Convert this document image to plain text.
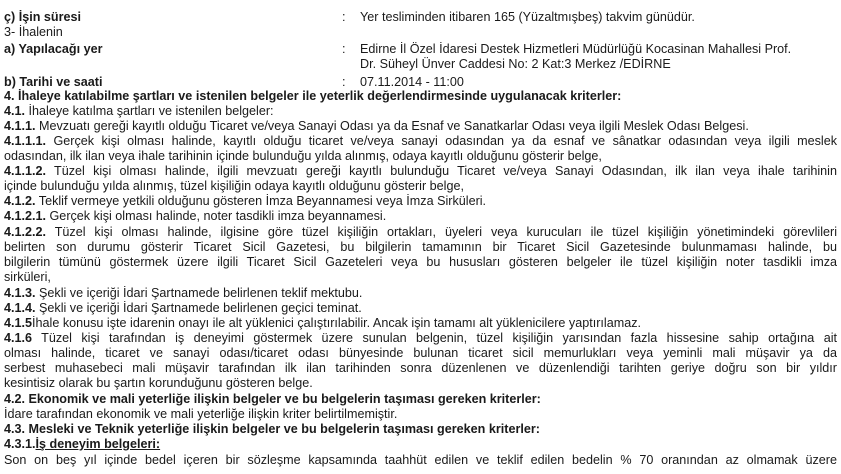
ç) İşin süresi	: Yer tesliminden itibaren 165 (Yüzaltmışbeş) takvim günüdür.
3- İhalenin
a) Yapılacağı yer	: Edirne İl Özel İdaresi Destek Hizmetleri Müdürlüğü Kocasinan Mahallesi Prof.
Dr. Süheyl Ünver Caddesi No: 2 Kat:3 Merkez /EDİRNE
b) Tarihi ve saati	: 07.11.2014 - 11:00
4. İhaleye katılabilme şartları ve istenilen belgeler ile yeterlik değerlendirmesinde uygulanacak kriterler:
4.1. İhaleye katılma şartları ve istenilen belgeler:
4.1.1. Mevzuatı gereği kayıtlı olduğu Ticaret ve/veya Sanayi Odası ya da Esnaf ve Sanatkarlar Odası veya ilgili Meslek Odası Belgesi.
4.1.1.1. Gerçek kişi olması halinde, kayıtlı olduğu ticaret ve/veya sanayi odasından ya da esnaf ve sânatkar odasından veya ilgili meslek
odasından, ilk ilan veya ihale tarihinin içinde bulunduğu yılda alınmış, odaya kayıtlı olduğunu gösterir belge,
4.1.1.2. Tüzel kişi olması halinde, ilgili mevzuatı gereği kayıtlı bulunduğu Ticaret ve/veya Sanayi Odasından, ilk ilan veya ihale tarihinin
içinde bulunduğu yılda alınmış, tüzel kişiliğin odaya kayıtlı olduğunu gösterir belge,
4.1.2. Teklif vermeye yetkili olduğunu gösteren İmza Beyannamesi veya İmza Sirküleri.
4.1.2.1. Gerçek kişi olması halinde, noter tasdikli imza beyannamesi.
4.1.2.2. Tüzel kişi olması halinde, ilgisine göre tüzel kişiliğin ortakları, üyeleri veya kurucuları ile tüzel kişiliğin yönetimindeki görevlileri
belirten son durumu gösterir Ticaret Sicil Gazetesi, bu bilgilerin tamamının bir Ticaret Sicil Gazetesinde bulunmaması halinde, bu
bilgilerin tümünü göstermek üzere ilgili Ticaret Sicil Gazeteleri veya bu hususları gösteren belgeler ile tüzel kişiliğin noter tasdikli imza
sirküleri,
4.1.3. Şekli ve içeriği İdari Şartnamede belirlenen teklif mektubu.
4.1.4. Şekli ve içeriği İdari Şartnamede belirlenen geçici teminat.
4.1.5İhale konusu işte idarenin onayı ile alt yüklenici çalıştırılabilir. Ancak işin tamamı alt yüklenicilere yaptırılamaz.
4.1.6 Tüzel kişi tarafından iş deneyimi göstermek üzere sunulan belgenin, tüzel kişiliğin yarısından fazla hissesine sahip ortağına ait
olması halinde, ticaret ve sanayi odası/ticaret odası bünyesinde bulunan ticaret sicil memurlukları veya yeminli mali müşavir ya da
serbest muhasebeci mali müşavir tarafından ilk ilan tarihinden sonra düzenlenen ve düzenlendiği tarihten geriye doğru son bir yıldır
kesintisiz olarak bu şartın korunduğunu gösteren belge.
4.2. Ekonomik ve mali yeterliğe ilişkin belgeler ve bu belgelerin taşıması gereken kriterler:
İdare tarafından ekonomik ve mali yeterliğe ilişkin kriter belirtilmemiştir.
4.3. Mesleki ve Teknik yeterliğe ilişkin belgeler ve bu belgelerin taşıması gereken kriterler:
4.3.1.İş deneyim belgeleri:
Son on beş yıl içinde bedel içeren bir sözleşme kapsamında taahhüt edilen ve teklif edilen bedelin % 70 oranından az olmamak üzere
